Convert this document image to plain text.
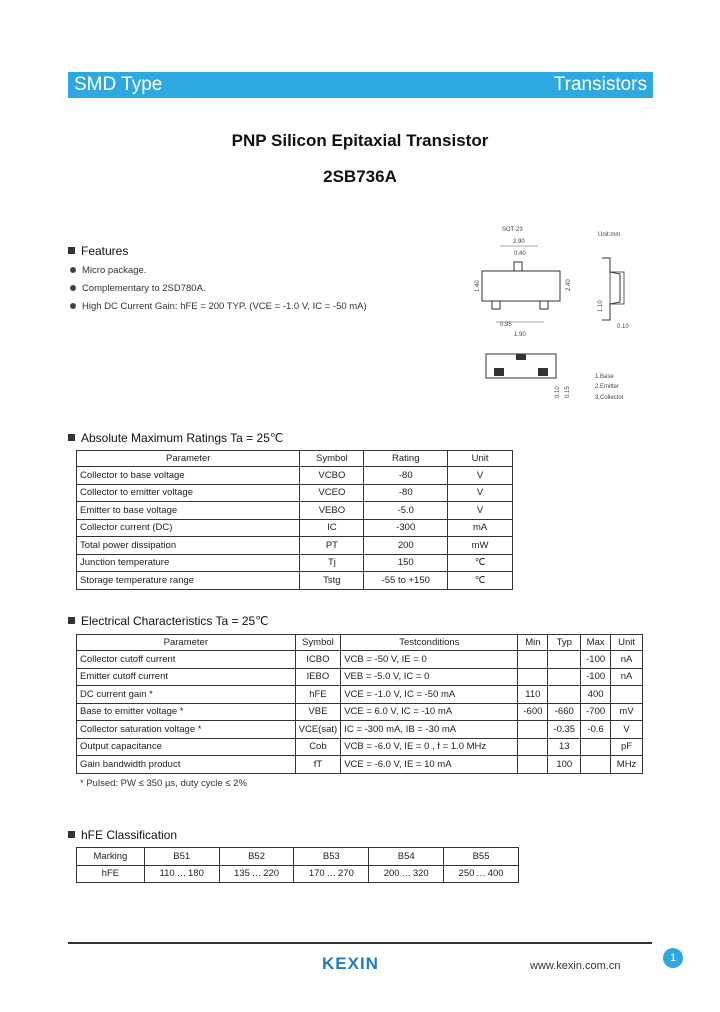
SMD Type	Transistors
PNP Silicon Epitaxial Transistor
2SB736A
Features
Micro package.
Complementary to 2SD780A.
High DC Current Gain: hFE = 200 TYP. (VCE = -1.0 V, IC = -50 mA)
SOT-23
Unit:mm
2.90
0.40
1.40	2.40
0.95
1.90
1.10
0.10
0.10 0.15
1.Base
2.Emitter
3.Collector
Absolute Maximum Ratings Ta = 25℃
Parameter	Symbol	Rating	Unit
Collector to base voltage	VCBO	-80	V
Collector to emitter voltage	VCEO	-80	V
Emitter to base voltage	VEBO	-5.0	V
Collector current (DC)	IC	-300	mA
Total power dissipation	PT	200	mW
Junction temperature	Tj	150	℃
Storage temperature range	Tstg	-55 to +150	℃
Electrical Characteristics Ta = 25℃
Parameter	Symbol	Testconditions	Min	Typ	Max	Unit
Collector cutoff current	ICBO	VCB = -50 V, IE = 0			-100	nA
Emitter cutoff current	IEBO	VEB = -5.0 V, IC = 0			-100	nA
DC current gain *	hFE	VCE = -1.0 V, IC = -50 mA	110		400	
Base to emitter voltage *	VBE	VCE = 6.0 V, IC = -10 mA	-600	-660	-700	mV
Collector saturation voltage *	VCE(sat)	IC = -300 mA, IB = -30 mA		-0.35	-0.6	V
Output capacitance	Cob	VCB = -6.0 V, IE = 0 , f = 1.0 MHz		13		pF
Gain bandwidth product	fT	VCE = -6.0 V, IE = 10 mA		100		MHz
* Pulsed: PW ≤ 350 µs, duty cycle ≤ 2%
hFE Classification
Marking	B51	B52	B53	B54	B55
hFE	110 … 180	135 … 220	170 … 270	200 … 320	250 … 400
KEXIN	www.kexin.com.cn
1
